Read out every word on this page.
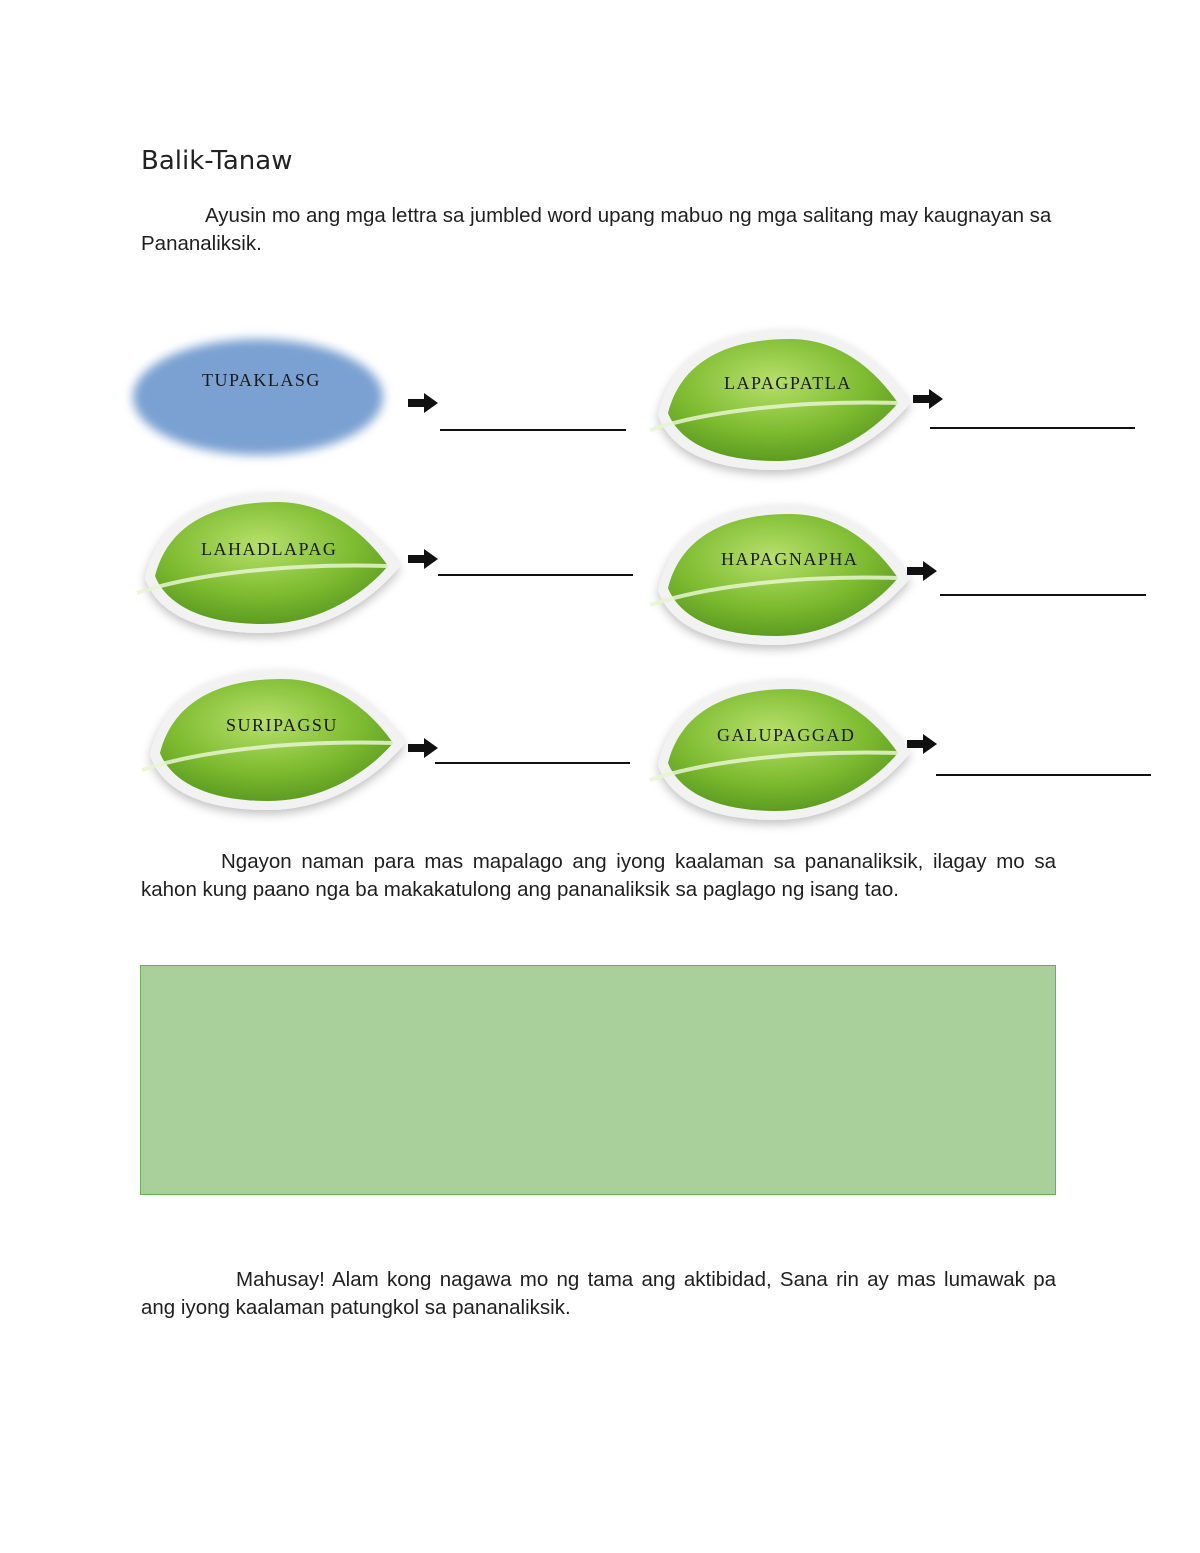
Balik-Tanaw

Ayusin mo ang mga lettra sa jumbled word upang mabuo ng mga salitang may kaugnayan sa Pananaliksik.

TUPAKLASG	LAPAGPATLA
LAHADLAPAG	HAPAGNAPHA
SURIPAGSU	GALUPAGGAD

Ngayon naman para mas mapalago ang iyong kaalaman sa pananaliksik, ilagay mo sa kahon kung paano nga ba makakatulong ang pananaliksik sa paglago ng isang tao.

Mahusay! Alam kong nagawa mo ng tama ang aktibidad, Sana rin ay mas lumawak pa ang iyong kaalaman patungkol sa pananaliksik.
